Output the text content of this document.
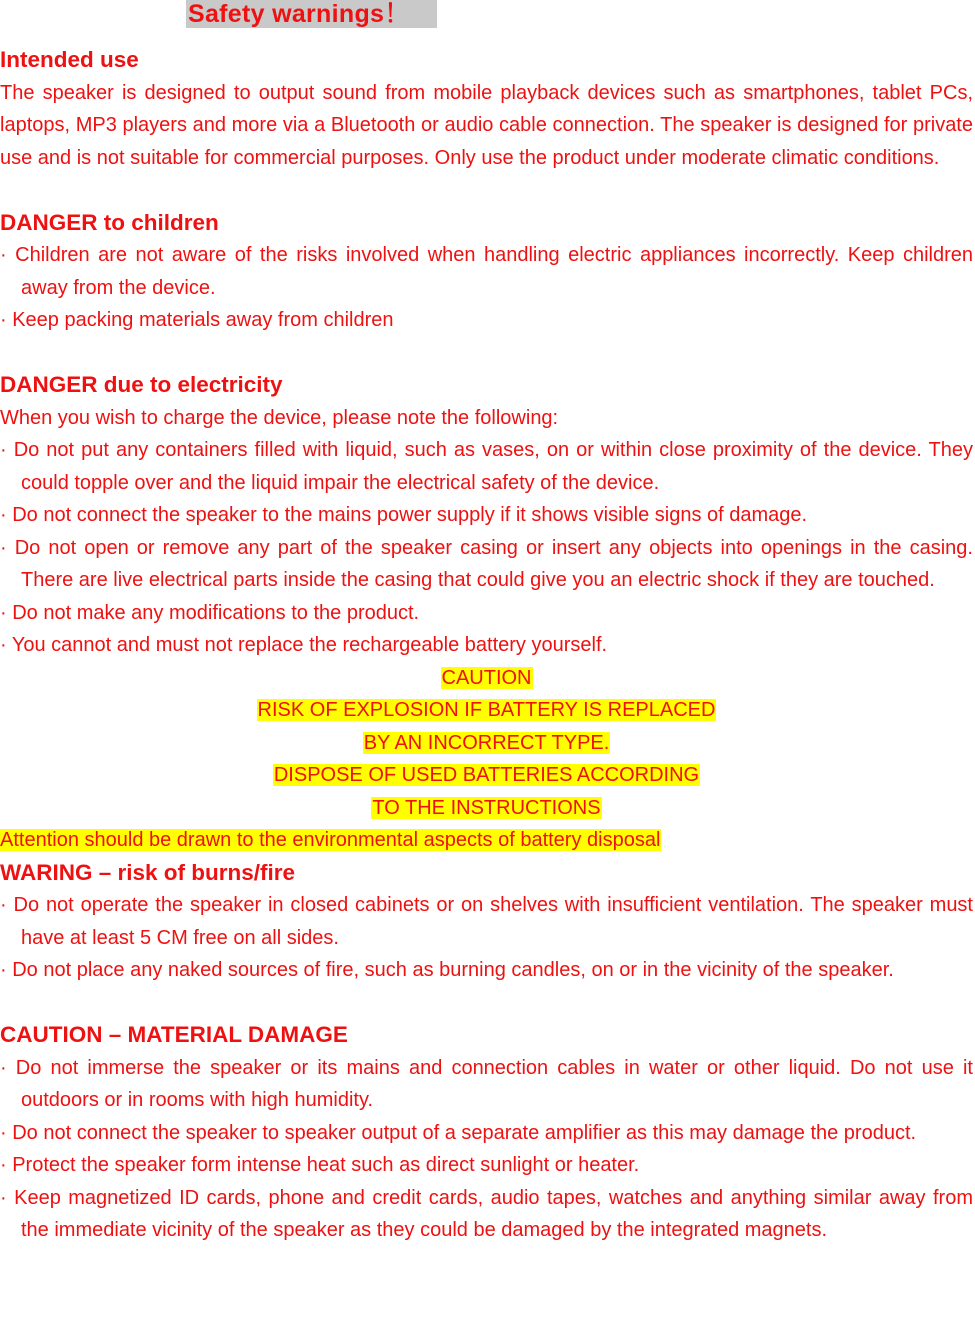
Safety warnings！
Intended use

The speaker is designed to output sound from mobile playback devices such as smartphones, tablet PCs, laptops, MP3 players and more via a Bluetooth or audio cable connection. The speaker is designed for private use and is not suitable for commercial purposes. Only use the product under moderate climatic conditions.

DANGER to children

· Children are not aware of the risks involved when handling electric appliances incorrectly. Keep children away from the device.

· Keep packing materials away from children

DANGER due to electricity

When you wish to charge the device, please note the following:

· Do not put any containers filled with liquid, such as vases, on or within close proximity of the device. They could topple over and the liquid impair the electrical safety of the device.

· Do not connect the speaker to the mains power supply if it shows visible signs of damage.

· Do not open or remove any part of the speaker casing or insert any objects into openings in the casing. There are live electrical parts inside the casing that could give you an electric shock if they are touched.

· Do not make any modifications to the product.

· You cannot and must not replace the rechargeable battery yourself.

CAUTION
RISK OF EXPLOSION IF BATTERY IS REPLACED
BY AN INCORRECT TYPE.
DISPOSE OF USED BATTERIES ACCORDING
TO THE INSTRUCTIONS
Attention should be drawn to the environmental aspects of battery disposal
WARING – risk of burns/fire

· Do not operate the speaker in closed cabinets or on shelves with insufficient ventilation. The speaker must have at least 5 CM free on all sides.

· Do not place any naked sources of fire, such as burning candles, on or in the vicinity of the speaker.

CAUTION – MATERIAL DAMAGE

· Do not immerse the speaker or its mains and connection cables in water or other liquid. Do not use it outdoors or in rooms with high humidity.

· Do not connect the speaker to speaker output of a separate amplifier as this may damage the product.

· Protect the speaker form intense heat such as direct sunlight or heater.

· Keep magnetized ID cards, phone and credit cards, audio tapes, watches and anything similar away from the immediate vicinity of the speaker as they could be damaged by the integrated magnets.
